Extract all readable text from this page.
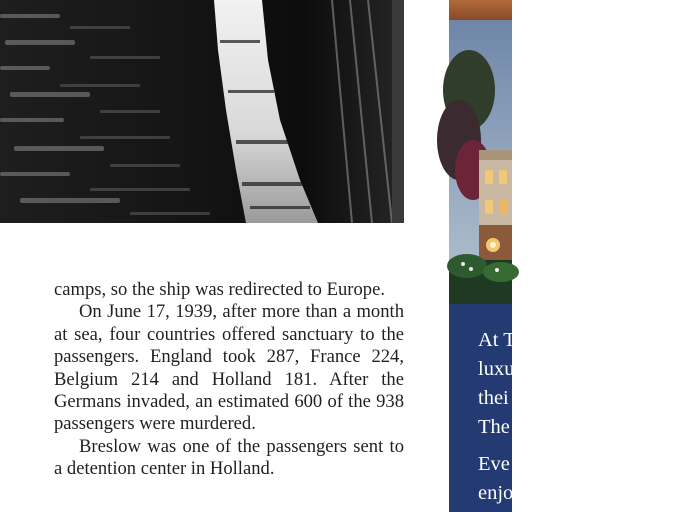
camps, so the ship was redirected to Europe.

On June 17, 1939, after more than a month at sea, four countries offered sanctuary to the passengers. England took 287, France 224, Belgium 214 and Holland 181. After the Germans invaded, an estimated 600 of the 938 passengers were murdered.

Breslow was one of the passengers sent to a detention center in Holland.

At T
luxu
thei
The
Eve
enjo
